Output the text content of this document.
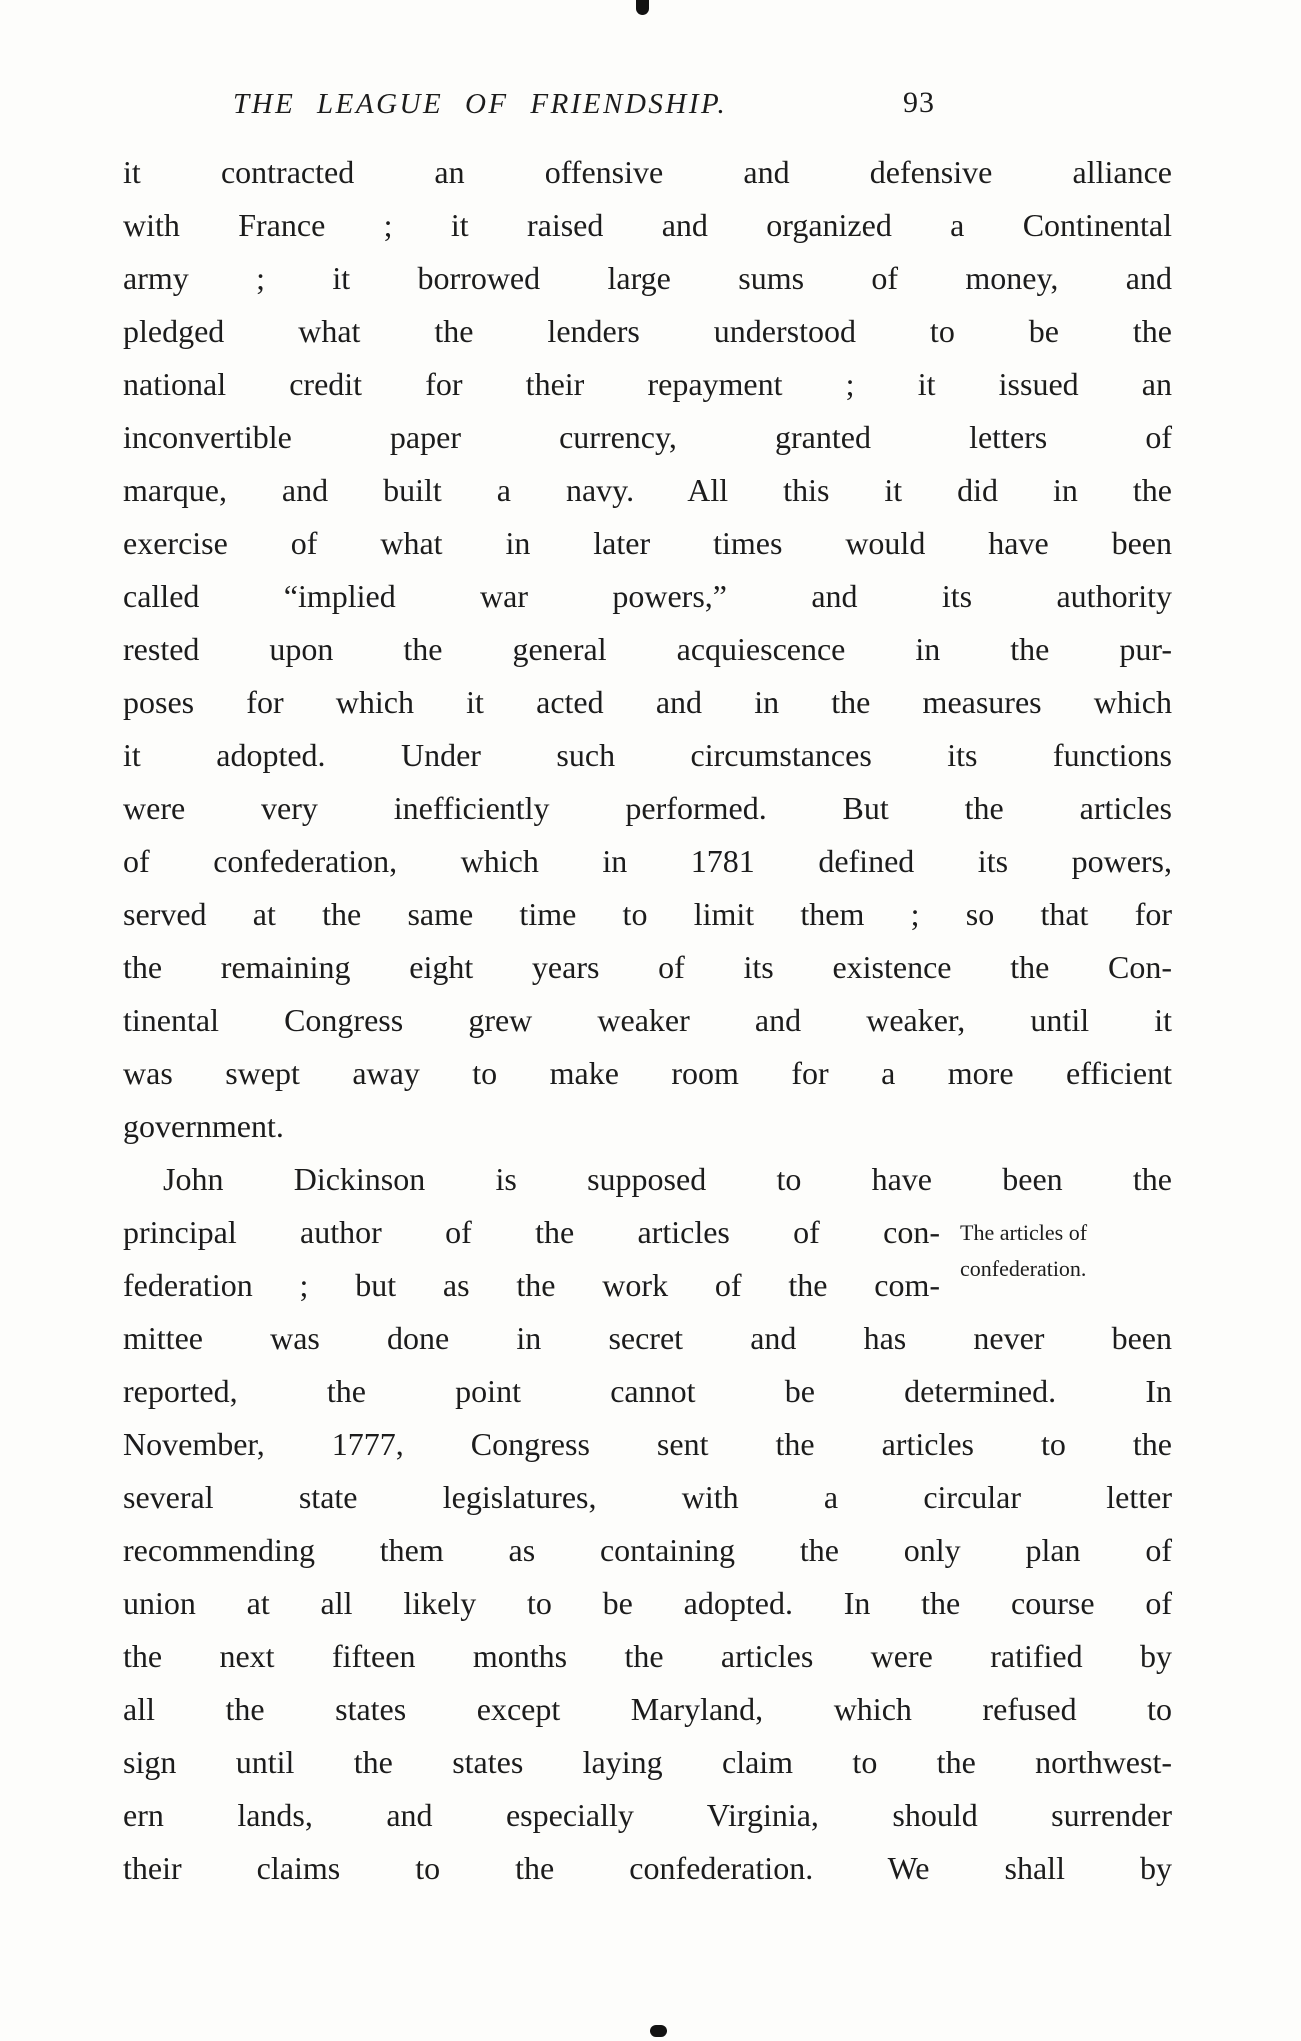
THE LEAGUE OF FRIENDSHIP.	93
it contracted an offensive and defensive alliance
with France ; it raised and organized a Continental
army ; it borrowed large sums of money, and
pledged what the lenders understood to be the
national credit for their repayment ; it issued an
inconvertible paper currency, granted letters of
marque, and built a navy. All this it did in the
exercise of what in later times would have been
called “implied war powers,” and its authority
rested upon the general acquiescence in the pur-
poses for which it acted and in the measures which
it adopted. Under such circumstances its functions
were very inefficiently performed. But the articles
of confederation, which in 1781 defined its powers,
served at the same time to limit them ; so that for
the remaining eight years of its existence the Con-
tinental Congress grew weaker and weaker, until it
was swept away to make room for a more efficient
government.
John Dickinson is supposed to have been the
principal author of the articles of con-
federation ; but as the work of the com-
The articles of
confederation.
mittee was done in secret and has never been
reported, the point cannot be determined. In
November, 1777, Congress sent the articles to the
several state legislatures, with a circular letter
recommending them as containing the only plan of
union at all likely to be adopted. In the course of
the next fifteen months the articles were ratified by
all the states except Maryland, which refused to
sign until the states laying claim to the northwest-
ern lands, and especially Virginia, should surrender
their claims to the confederation. We shall by
